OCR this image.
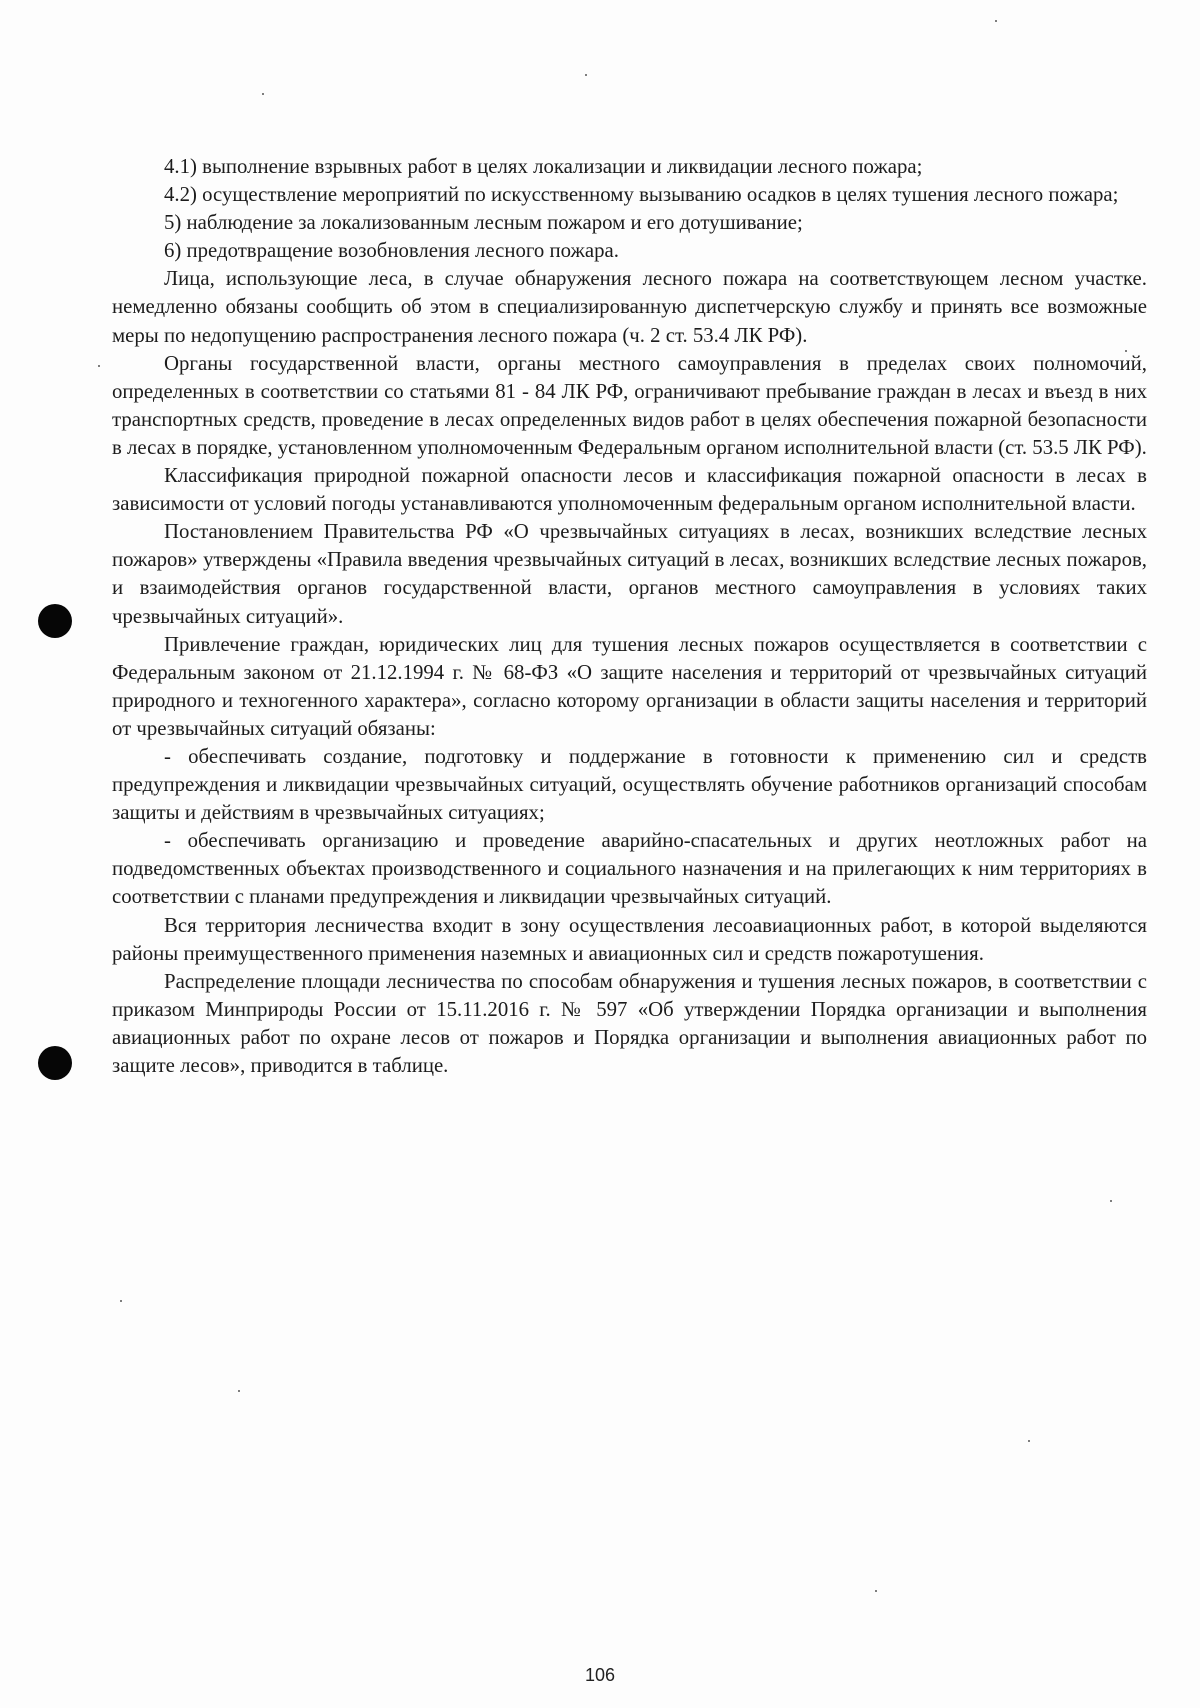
4.1) выполнение взрывных работ в целях локализации и ликвидации лесного пожара;

4.2) осуществление мероприятий по искусственному вызыванию осадков в целях тушения лесного пожара;

5) наблюдение за локализованным лесным пожаром и его дотушивание;

6) предотвращение возобновления лесного пожара.

Лица, использующие леса, в случае обнаружения лесного пожара на соответствующем лесном участке. немедленно обязаны сообщить об этом в специализированную диспетчерскую службу и принять все возможные меры по недопущению распространения лесного пожара (ч. 2 ст. 53.4 ЛК РФ).

Органы государственной власти, органы местного самоуправления в пределах своих полномочий, определенных в соответствии со статьями 81 - 84 ЛК РФ, ограничивают пребывание граждан в лесах и въезд в них транспортных средств, проведение в лесах определенных видов работ в целях обеспечения пожарной безопасности в лесах в порядке, установленном уполномоченным Федеральным органом исполнительной власти (ст. 53.5 ЛК РФ).

Классификация природной пожарной опасности лесов и классификация пожарной опасности в лесах в зависимости от условий погоды устанавливаются уполномоченным федеральным органом исполнительной власти.

Постановлением Правительства РФ «О чрезвычайных ситуациях в лесах, возникших вследствие лесных пожаров» утверждены «Правила введения чрезвычайных ситуаций в лесах, возникших вследствие лесных пожаров, и взаимодействия органов государственной власти, органов местного самоуправления в условиях таких чрезвычайных ситуаций».

Привлечение граждан, юридических лиц для тушения лесных пожаров осуществляется в соответствии с Федеральным законом от 21.12.1994 г. № 68-ФЗ «О защите населения и территорий от чрезвычайных ситуаций природного и техногенного характера», согласно которому организации в области защиты населения и территорий от чрезвычайных ситуаций обязаны:

- обеспечивать создание, подготовку и поддержание в готовности к применению сил и средств предупреждения и ликвидации чрезвычайных ситуаций, осуществлять обучение работников организаций способам защиты и действиям в чрезвычайных ситуациях;

- обеспечивать организацию и проведение аварийно-спасательных и других неотложных работ на подведомственных объектах производственного и социального назначения и на прилегающих к ним территориях в соответствии с планами предупреждения и ликвидации чрезвычайных ситуаций.

Вся территория лесничества входит в зону осуществления лесоавиационных работ, в которой выделяются районы преимущественного применения наземных и авиационных сил и средств пожаротушения.

Распределение площади лесничества по способам обнаружения и тушения лесных пожаров, в соответствии с приказом Минприроды России от 15.11.2016 г. № 597 «Об утверждении Порядка организации и выполнения авиационных работ по охране лесов от пожаров и Порядка организации и выполнения авиационных работ по защите лесов», приводится в таблице.

106
